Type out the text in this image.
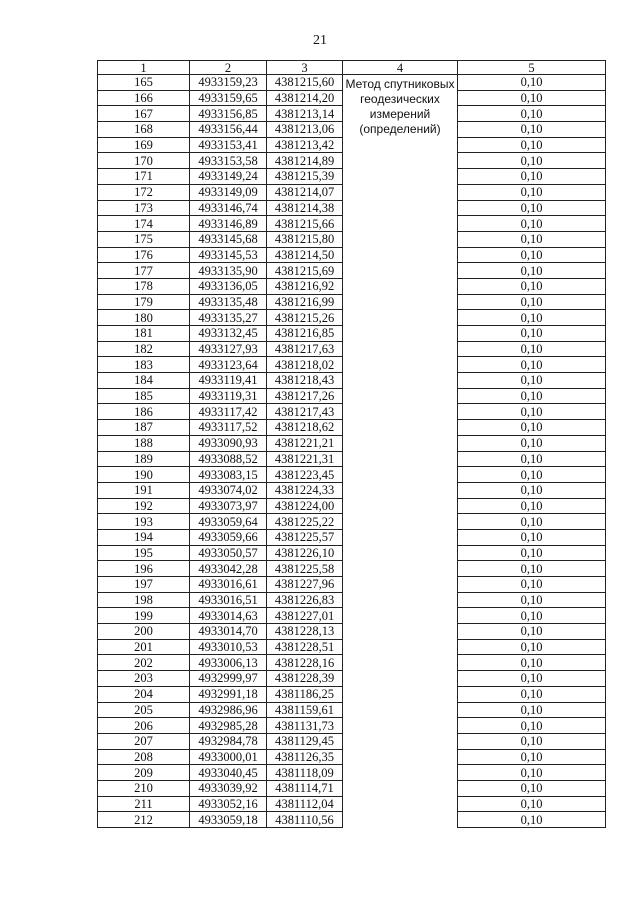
21
1	2	3	4	5
165	4933159,23	4381215,60	Метод спутниковых геодезических измерений (определений)	0,10
166	4933159,65	4381214,20		0,10
167	4933156,85	4381213,14		0,10
168	4933156,44	4381213,06		0,10
169	4933153,41	4381213,42		0,10
170	4933153,58	4381214,89		0,10
171	4933149,24	4381215,39		0,10
172	4933149,09	4381214,07		0,10
173	4933146,74	4381214,38		0,10
174	4933146,89	4381215,66		0,10
175	4933145,68	4381215,80		0,10
176	4933145,53	4381214,50		0,10
177	4933135,90	4381215,69		0,10
178	4933136,05	4381216,92		0,10
179	4933135,48	4381216,99		0,10
180	4933135,27	4381215,26		0,10
181	4933132,45	4381216,85		0,10
182	4933127,93	4381217,63		0,10
183	4933123,64	4381218,02		0,10
184	4933119,41	4381218,43		0,10
185	4933119,31	4381217,26		0,10
186	4933117,42	4381217,43		0,10
187	4933117,52	4381218,62		0,10
188	4933090,93	4381221,21		0,10
189	4933088,52	4381221,31		0,10
190	4933083,15	4381223,45		0,10
191	4933074,02	4381224,33		0,10
192	4933073,97	4381224,00		0,10
193	4933059,64	4381225,22		0,10
194	4933059,66	4381225,57		0,10
195	4933050,57	4381226,10		0,10
196	4933042,28	4381225,58		0,10
197	4933016,61	4381227,96		0,10
198	4933016,51	4381226,83		0,10
199	4933014,63	4381227,01		0,10
200	4933014,70	4381228,13		0,10
201	4933010,53	4381228,51		0,10
202	4933006,13	4381228,16		0,10
203	4932999,97	4381228,39		0,10
204	4932991,18	4381186,25		0,10
205	4932986,96	4381159,61		0,10
206	4932985,28	4381131,73		0,10
207	4932984,78	4381129,45		0,10
208	4933000,01	4381126,35		0,10
209	4933040,45	4381118,09		0,10
210	4933039,92	4381114,71		0,10
211	4933052,16	4381112,04		0,10
212	4933059,18	4381110,56		0,10
